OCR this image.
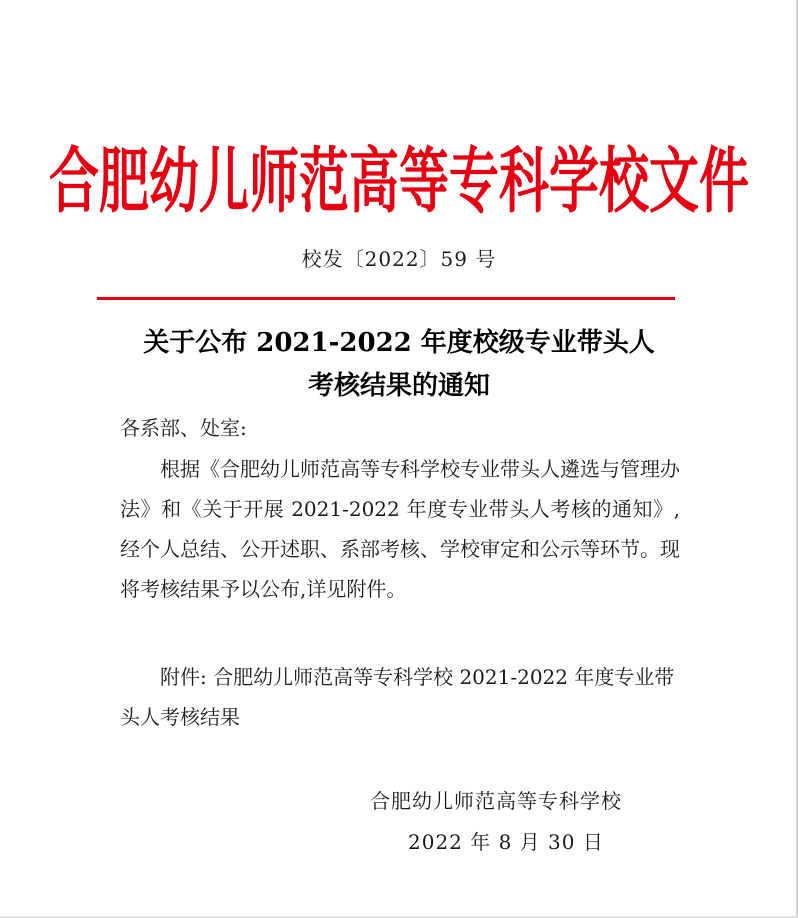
合肥幼儿师范高等专科学校文件
校发〔2022〕59 号
关于公布 2021-2022 年度校级专业带头人
考核结果的通知
各系部、处室:
根据《合肥幼儿师范高等专科学校专业带头人遴选与管理办法》和《关于开展 2021-2022 年度专业带头人考核的通知》,经个人总结、公开述职、系部考核、学校审定和公示等环节。现将考核结果予以公布,详见附件。
附件: 合肥幼儿师范高等专科学校 2021-2022 年度专业带头人考核结果
合肥幼儿师范高等专科学校
2022 年 8 月 30 日
